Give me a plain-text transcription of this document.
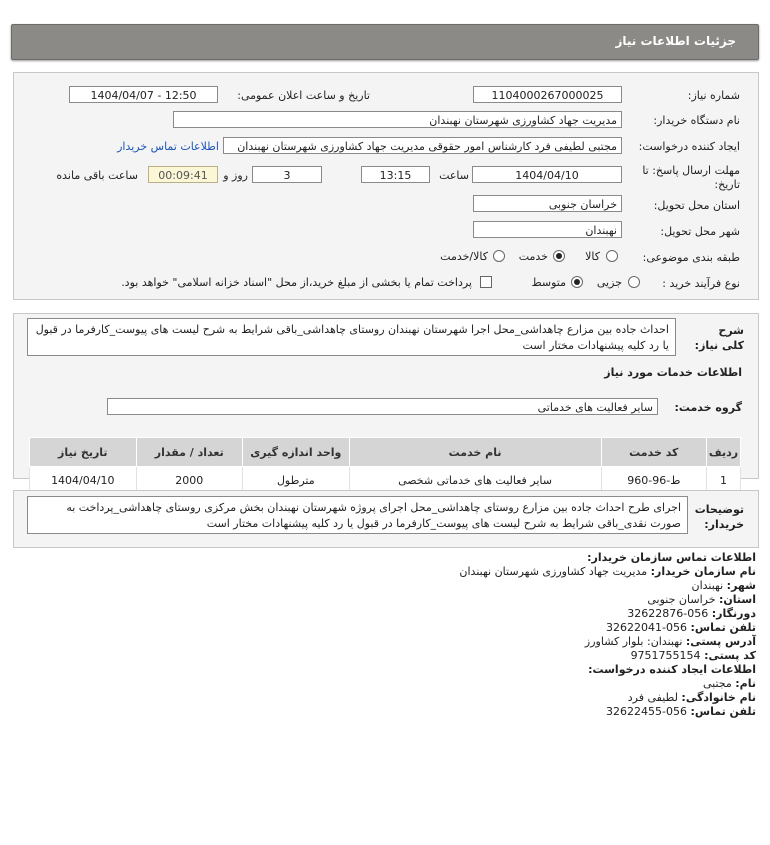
جزئیات اطلاعات نیاز
شماره نیاز:
1104000267000025
تاریخ و ساعت اعلان عمومی:
1404/04/07 - 12:50
نام دستگاه خریدار:
مدیریت جهاد کشاورزی شهرستان نهبندان
ایجاد کننده درخواست:
مجتبی لطیفی فرد کارشناس امور حقوقی مدیریت جهاد کشاورزی شهرستان نهبندان
اطلاعات تماس خریدار
مهلت ارسال پاسخ: تا تاریخ:
1404/04/10
ساعت
13:15
3
روز و
00:09:41
ساعت باقی مانده
استان محل تحویل:
خراسان جنوبی
شهر محل تحویل:
نهبندان
طبقه بندی موضوعی:
کالا
خدمت
کالا/خدمت
نوع فرآیند خرید :
جزیی
متوسط
پرداخت تمام یا بخشی از مبلغ خرید،از محل "اسناد خزانه اسلامی" خواهد بود.
شرح کلی نیاز:
احداث جاده بین مزارع چاهداشی_محل اجرا شهرستان نهبندان روستای چاهداشی_باقی شرایط به شرح لیست های پیوست_کارفرما در قبول یا رد کلیه پیشنهادات مختار است
اطلاعات خدمات مورد نیاز
گروه خدمت:
سایر فعالیت های خدماتی
ردیف	کد خدمت	نام خدمت	واحد اندازه گیری	تعداد / مقدار	تاریخ نیاز
1	ط-96-960	سایر فعالیت های خدماتی شخصی	مترطول	2000	1404/04/10
توضیحات خریدار:
اجرای طرح احداث جاده بین مزارع روستای چاهداشی_محل اجرای پروژه شهرستان نهبندان بخش مرکزی روستای چاهداشی_پرداخت به صورت نقدی_باقی شرایط به شرح لیست های پیوست_کارفرما در قبول یا رد کلیه پیشنهادات مختار است
اطلاعات تماس سازمان خریدار:
نام سازمان خریدار: مدیریت جهاد کشاورزی شهرستان نهبندان
شهر: نهبندان
استان: خراسان جنوبی
دورنگار: 056-32622876
تلفن تماس: 056-32622041
آدرس پستی: نهبندان: بلوار کشاورز
کد پستی: 9751755154
اطلاعات ایجاد کننده درخواست:
نام: مجتبی
نام خانوادگی: لطیفی فرد
تلفن تماس: 056-32622455
